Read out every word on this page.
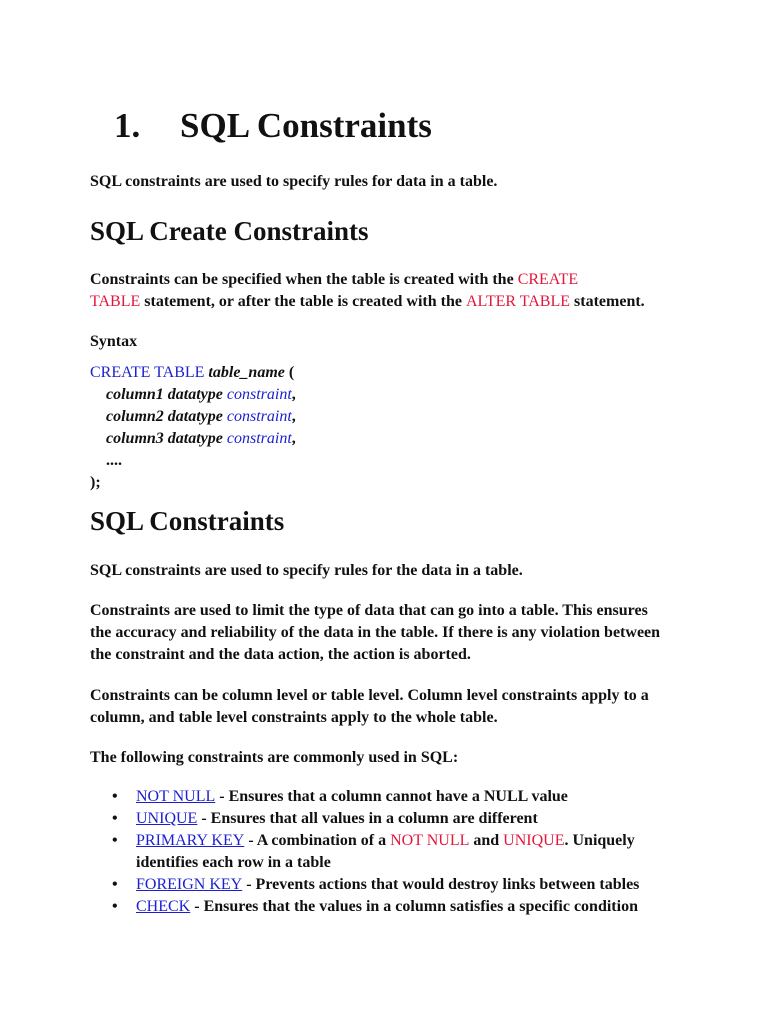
1. SQL Constraints
SQL constraints are used to specify rules for data in a table.
SQL Create Constraints
Constraints can be specified when the table is created with the CREATE
TABLE statement, or after the table is created with the ALTER TABLE statement.
Syntax
CREATE TABLE table_name (
column1 datatype constraint,
column2 datatype constraint,
column3 datatype constraint,
....
);
SQL Constraints
SQL constraints are used to specify rules for the data in a table.
Constraints are used to limit the type of data that can go into a table. This ensures
the accuracy and reliability of the data in the table. If there is any violation between
the constraint and the data action, the action is aborted.
Constraints can be column level or table level. Column level constraints apply to a
column, and table level constraints apply to the whole table.
The following constraints are commonly used in SQL:
• NOT NULL - Ensures that a column cannot have a NULL value
• UNIQUE - Ensures that all values in a column are different
• PRIMARY KEY - A combination of a NOT NULL and UNIQUE. Uniquely identifies each row in a table
• FOREIGN KEY - Prevents actions that would destroy links between tables
• CHECK - Ensures that the values in a column satisfies a specific condition
